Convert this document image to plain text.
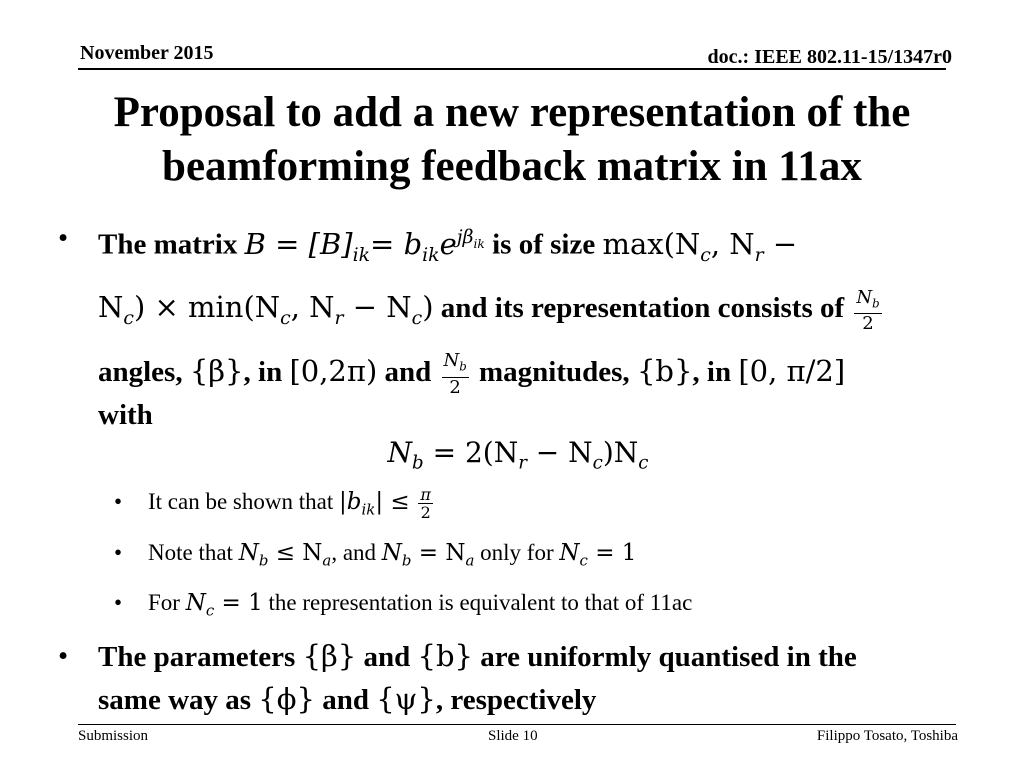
November 2015	doc.: IEEE 802.11-15/1347r0
Proposal to add a new representation of the
beamforming feedback matrix in 11ax
• The matrix $B = [B]_{ik}= b_{ik}e^{j\beta_{ik}}$ is of size $\max(N_c$, $N_r$ −
$N_c) \times \min(N_c$, $N_r - N_c$) and its representation consists of $\frac{N_b}{2}$
angles, {β}, in [0,2π) and $\frac{N_b}{2}$ magnitudes, {b}, in [0, π/2]
with
$N_b = 2(N_r - N_c)N_c$
• It can be shown that $|b_{ik}| \le \frac{\pi}{2}$
• Note that $N_b \le N_a$, and $N_b = N_a$ only for $N_c = 1$
• For $N_c = 1$ the representation is equivalent to that of 11ac
• The parameters {β} and {b} are uniformly quantised in the
same way as {ϕ} and {ψ}, respectively
Submission	Slide 10	Filippo Tosato, Toshiba
